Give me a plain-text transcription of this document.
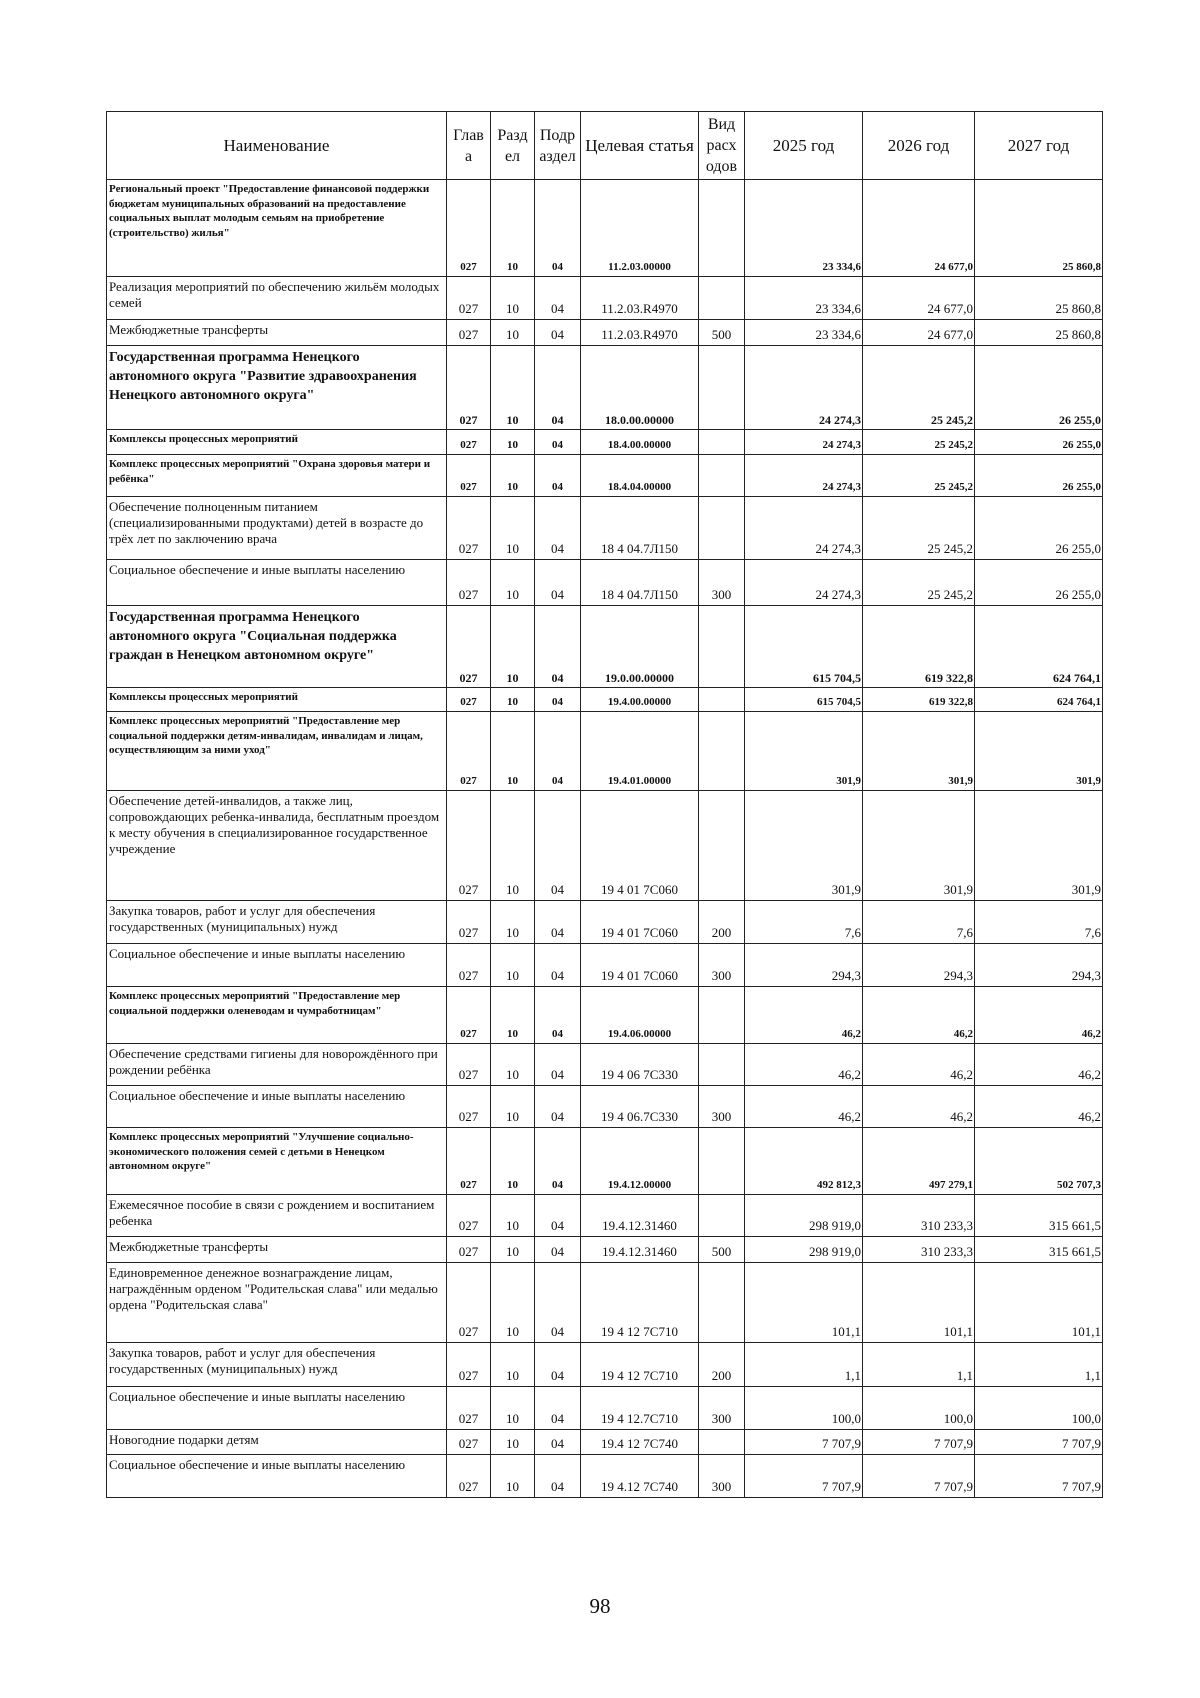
Наименование	Глав а	Разд ел	Подр аздел	Целевая статья	Вид расх одов	2025 год	2026 год	2027 год
Региональный проект "Предоставление финансовой поддержки бюджетам муниципальных образований на предоставление социальных выплат молодым семьям на приобретение (строительство) жилья"	027	10	04	11.2.03.00000		23 334,6	24 677,0	25 860,8
Реализация мероприятий по обеспечению жильём молодых семей	027	10	04	11.2.03.R4970		23 334,6	24 677,0	25 860,8
Межбюджетные трансферты	027	10	04	11.2.03.R4970	500	23 334,6	24 677,0	25 860,8
Государственная программа Ненецкого автономного округа "Развитие здравоохранения Ненецкого автономного округа"	027	10	04	18.0.00.00000		24 274,3	25 245,2	26 255,0
Комплексы процессных мероприятий	027	10	04	18.4.00.00000		24 274,3	25 245,2	26 255,0
Комплекс процессных мероприятий "Охрана здоровья матери и ребёнка"	027	10	04	18.4.04.00000		24 274,3	25 245,2	26 255,0
Обеспечение полноценным питанием (специализированными продуктами) детей в возрасте до трёх лет по заключению врача	027	10	04	18 4 04.7Л150		24 274,3	25 245,2	26 255,0
Социальное обеспечение и иные выплаты населению	027	10	04	18 4 04.7Л150	300	24 274,3	25 245,2	26 255,0
Государственная программа Ненецкого автономного округа "Социальная поддержка граждан в Ненецком автономном округе"	027	10	04	19.0.00.00000		615 704,5	619 322,8	624 764,1
Комплексы процессных мероприятий	027	10	04	19.4.00.00000		615 704,5	619 322,8	624 764,1
Комплекс процессных мероприятий "Предоставление мер социальной поддержки детям-инвалидам, инвалидам и лицам, осуществляющим за ними уход"	027	10	04	19.4.01.00000		301,9	301,9	301,9
Обеспечение детей-инвалидов, а также лиц, сопровождающих ребенка-инвалида, бесплатным проездом к месту обучения в специализированное государственное учреждение	027	10	04	19 4 01 7С060		301,9	301,9	301,9
Закупка товаров, работ и услуг для обеспечения государственных (муниципальных) нужд	027	10	04	19 4 01 7С060	200	7,6	7,6	7,6
Социальное обеспечение и иные выплаты населению	027	10	04	19 4 01 7С060	300	294,3	294,3	294,3
Комплекс процессных мероприятий "Предоставление мер социальной поддержки оленеводам и чумработницам"	027	10	04	19.4.06.00000		46,2	46,2	46,2
Обеспечение средствами гигиены для новорождённого при рождении ребёнка	027	10	04	19 4 06 7С330		46,2	46,2	46,2
Социальное обеспечение и иные выплаты населению	027	10	04	19 4 06.7С330	300	46,2	46,2	46,2
Комплекс процессных мероприятий "Улучшение социально-экономического положения семей с детьми в Ненецком автономном округе"	027	10	04	19.4.12.00000		492 812,3	497 279,1	502 707,3
Ежемесячное пособие в связи с рождением и воспитанием ребенка	027	10	04	19.4.12.31460		298 919,0	310 233,3	315 661,5
Межбюджетные трансферты	027	10	04	19.4.12.31460	500	298 919,0	310 233,3	315 661,5
Единовременное денежное вознаграждение лицам, награждённым орденом "Родительская слава" или медалью ордена "Родительская слава"	027	10	04	19 4 12 7С710		101,1	101,1	101,1
Закупка товаров, работ и услуг для обеспечения государственных (муниципальных) нужд	027	10	04	19 4 12 7С710	200	1,1	1,1	1,1
Социальное обеспечение и иные выплаты населению	027	10	04	19 4 12.7С710	300	100,0	100,0	100,0
Новогодние подарки детям	027	10	04	19.4 12 7С740		7 707,9	7 707,9	7 707,9
Социальное обеспечение и иные выплаты населению	027	10	04	19 4.12 7С740	300	7 707,9	7 707,9	7 707,9
98
